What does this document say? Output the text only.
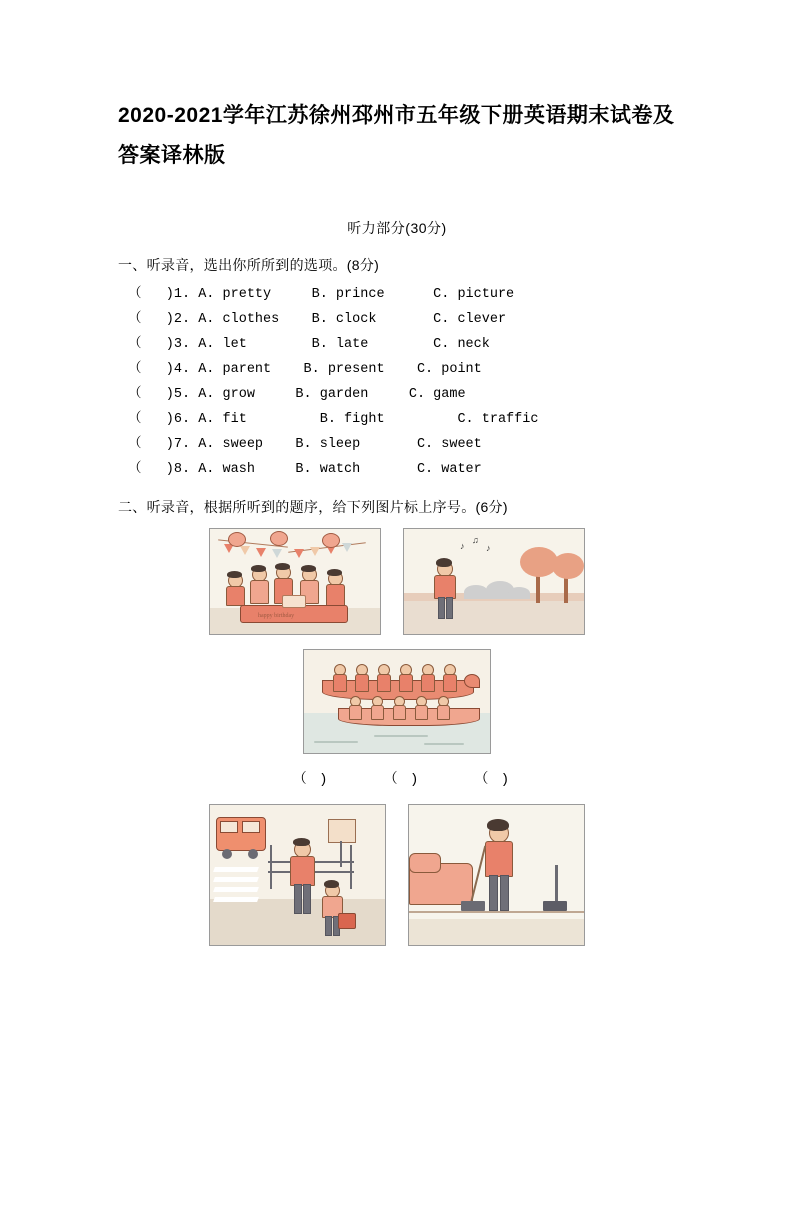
2020-2021学年江苏徐州邳州市五年级下册英语期末试卷及答案译林版
听力部分(30分)
一、听录音，选出你所所到的选项。(8分)
（   )1. A. pretty     B. prince      C. picture
（   )2. A. clothes    B. clock       C. clever
（   )3. A. let        B. late        C. neck
（   )4. A. parent    B. present    C. point
（   )5. A. grow     B. garden     C. game
（   )6. A. fit         B. fight         C. traffic
（   )7. A. sweep    B. sleep       C. sweet
（   )8. A. wash     B. watch       C. water
二、听录音，根据所听到的题序，给下列图片标上序号。(6分)
happy birthday
♪
♫
♪
（ )	（ )	（ )
